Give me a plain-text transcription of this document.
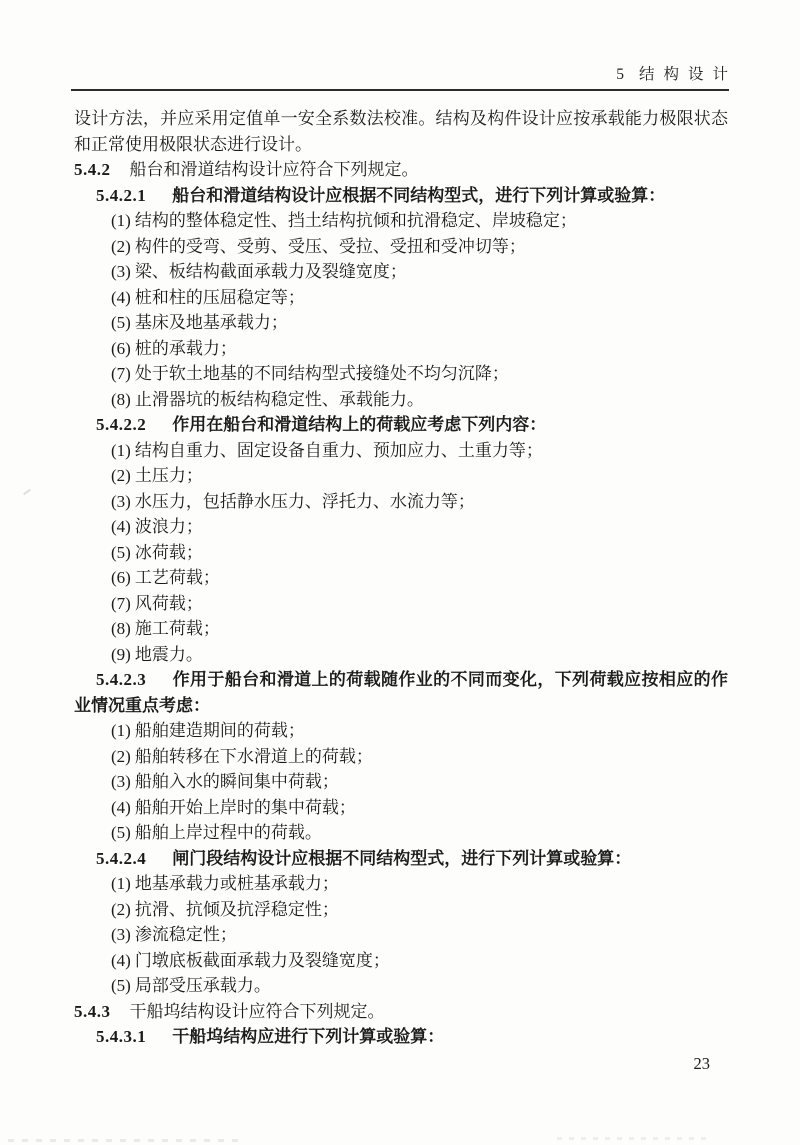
5 结构设计

设计方法，并应采用定值单一安全系数法校准。结构及构件设计应按承载能力极限状态和正常使用极限状态进行设计。

5.4.2 船台和滑道结构设计应符合下列规定。

5.4.2.1 船台和滑道结构设计应根据不同结构型式，进行下列计算或验算：

(1) 结构的整体稳定性、挡土结构抗倾和抗滑稳定、岸坡稳定；

(2) 构件的受弯、受剪、受压、受拉、受扭和受冲切等；

(3) 梁、板结构截面承载力及裂缝宽度；

(4) 桩和柱的压屈稳定等；

(5) 基床及地基承载力；

(6) 桩的承载力；

(7) 处于软土地基的不同结构型式接缝处不均匀沉降；

(8) 止滑器坑的板结构稳定性、承载能力。

5.4.2.2 作用在船台和滑道结构上的荷载应考虑下列内容：

(1) 结构自重力、固定设备自重力、预加应力、土重力等；

(2) 土压力；

(3) 水压力，包括静水压力、浮托力、水流力等；

(4) 波浪力；

(5) 冰荷载；

(6) 工艺荷载；

(7) 风荷载；

(8) 施工荷载；

(9) 地震力。

5.4.2.3 作用于船台和滑道上的荷载随作业的不同而变化，下列荷载应按相应的作业情况重点考虑：

(1) 船舶建造期间的荷载；

(2) 船舶转移在下水滑道上的荷载；

(3) 船舶入水的瞬间集中荷载；

(4) 船舶开始上岸时的集中荷载；

(5) 船舶上岸过程中的荷载。

5.4.2.4 闸门段结构设计应根据不同结构型式，进行下列计算或验算：

(1) 地基承载力或桩基承载力；

(2) 抗滑、抗倾及抗浮稳定性；

(3) 渗流稳定性；

(4) 门墩底板截面承载力及裂缝宽度；

(5) 局部受压承载力。

5.4.3 干船坞结构设计应符合下列规定。

5.4.3.1 干船坞结构应进行下列计算或验算：

23
